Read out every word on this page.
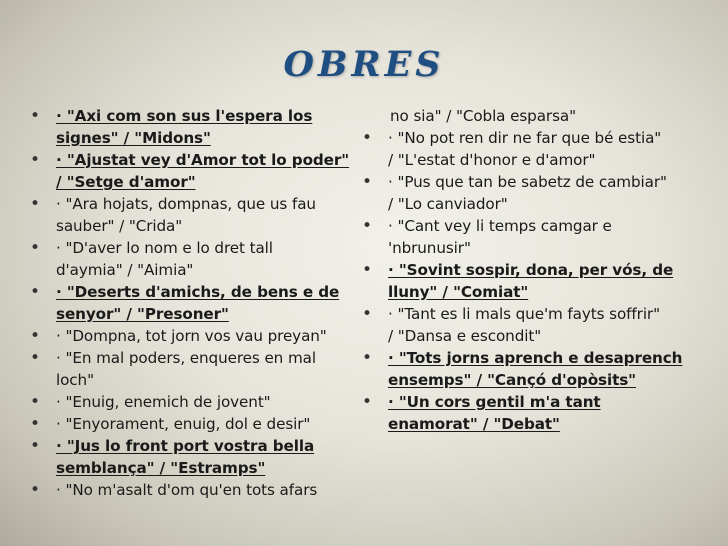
OBRES
• · "Axi com son sus l'espera los
signes" / "Midons"
• · "Ajustat vey d'Amor tot lo poder"
/ "Setge d'amor"
• · "Ara hojats, dompnas, que us fau
sauber" / "Crida"
• · "D'aver lo nom e lo dret tall
d'aymia" / "Aimia"
• · "Deserts d'amichs, de bens e de
senyor" / "Presoner"
• · "Dompna, tot jorn vos vau preyan"
• · "En mal poders, enqueres en mal
loch"
• · "Enuig, enemich de jovent"
• · "Enyorament, enuig, dol e desir"
• · "Jus lo front port vostra bella
semblança" / "Estramps"
• · "No m'asalt d'om qu'en tots afars
no sia" / "Cobla esparsa"
• · "No pot ren dir ne far que bé estia"
/ "L'estat d'honor e d'amor"
• · "Pus que tan be sabetz de cambiar"
/ "Lo canviador"
• · "Cant vey li temps camgar e
'nbrunusir"
• · "Sovint sospir, dona, per vós, de
lluny" / "Comiat"
• · "Tant es li mals que'm fayts soffrir"
/ "Dansa e escondit"
• · "Tots jorns aprench e desaprench
ensemps" / "Cançó d'opòsits"
• · "Un cors gentil m'a tant
enamorat" / "Debat"
